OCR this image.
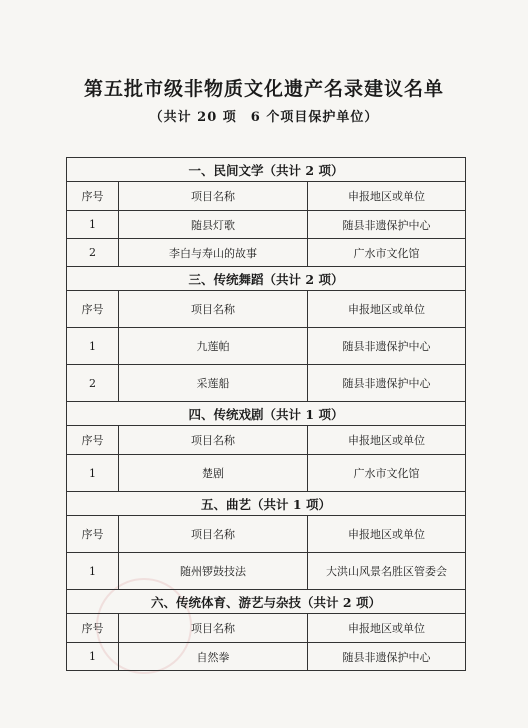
第五批市级非物质文化遗产名录建议名单
（共计 20 项　6 个项目保护单位）
一、民间文学（共计 2 项）		
序号	项目名称	申报地区或单位
1	随县灯歌	随县非遗保护中心
2	李白与寿山的故事	广水市文化馆
三、传统舞蹈（共计 2 项）		
序号	项目名称	申报地区或单位
1	九莲帕	随县非遗保护中心
2	采莲船	随县非遗保护中心
四、传统戏剧（共计 1 项）		
序号	项目名称	申报地区或单位
1	楚剧	广水市文化馆
五、曲艺（共计 1 项）		
序号	项目名称	申报地区或单位
1	随州锣鼓技法	大洪山风景名胜区管委会
六、传统体育、游艺与杂技（共计 2 项）		
序号	项目名称	申报地区或单位
1	自然拳	随县非遗保护中心
